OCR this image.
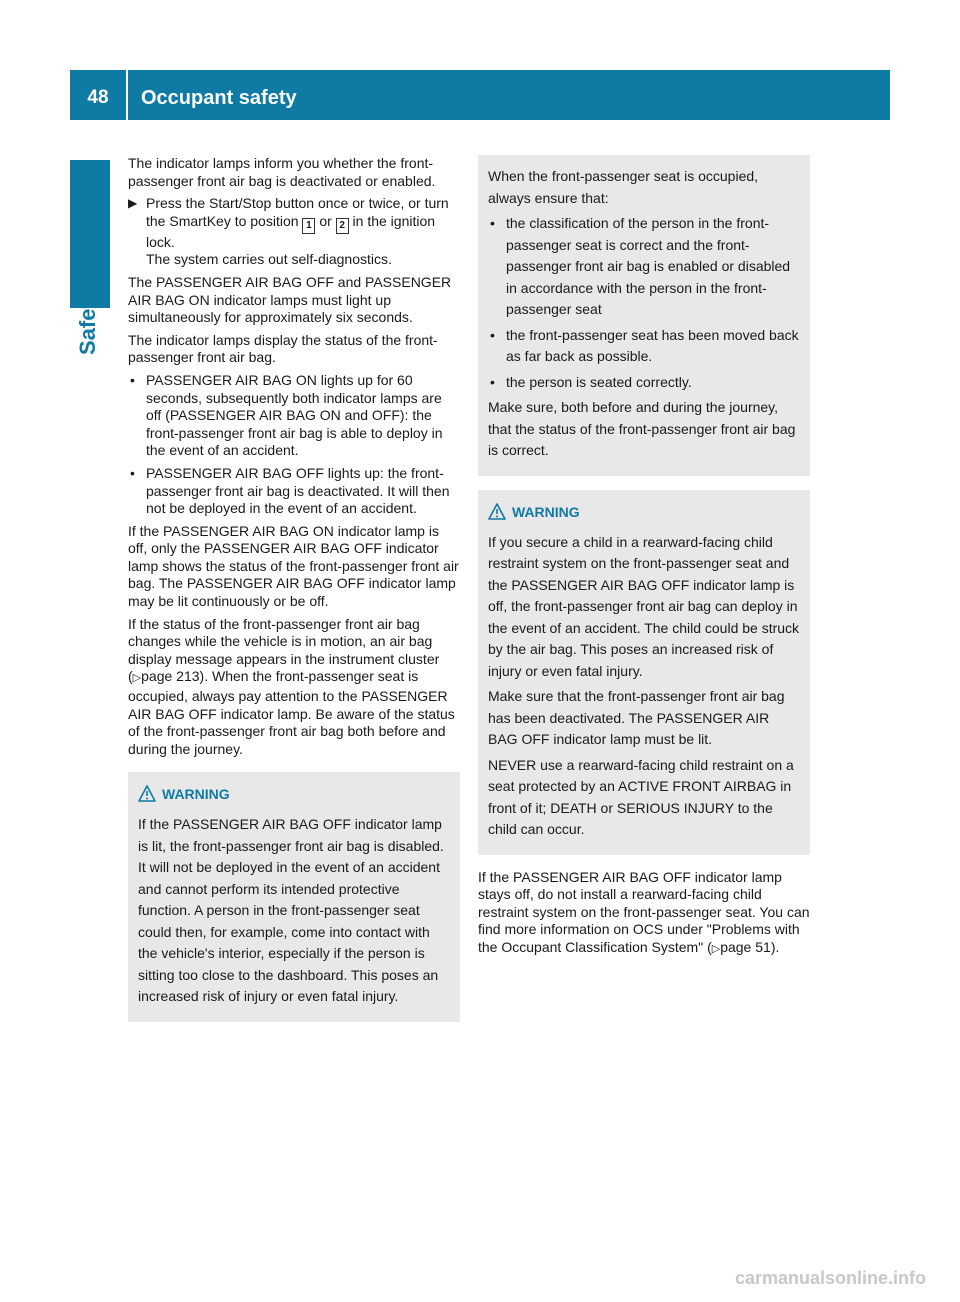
48	Occupant safety
Safety

The indicator lamps inform you whether the front-passenger front air bag is deactivated or enabled.

▶ Press the Start/Stop button once or twice, or turn the SmartKey to position 1 or 2 in the ignition lock.
The system carries out self-diagnostics.

The PASSENGER AIR BAG OFF and PASSENGER AIR BAG ON indicator lamps must light up simultaneously for approximately six seconds.

The indicator lamps display the status of the front-passenger front air bag.

• PASSENGER AIR BAG ON lights up for 60 seconds, subsequently both indicator lamps are off (PASSENGER AIR BAG ON and OFF): the front-passenger front air bag is able to deploy in the event of an accident.
• PASSENGER AIR BAG OFF lights up: the front-passenger front air bag is deactivated. It will then not be deployed in the event of an accident.

If the PASSENGER AIR BAG ON indicator lamp is off, only the PASSENGER AIR BAG OFF indicator lamp shows the status of the front-passenger front air bag. The PASSENGER AIR BAG OFF indicator lamp may be lit continuously or be off.

If the status of the front-passenger front air bag changes while the vehicle is in motion, an air bag display message appears in the instrument cluster (▷page 213). When the front-passenger seat is occupied, always pay attention to the PASSENGER AIR BAG OFF indicator lamp. Be aware of the status of the front-passenger front air bag both before and during the journey.

WARNING

If the PASSENGER AIR BAG OFF indicator lamp is lit, the front-passenger front air bag is disabled. It will not be deployed in the event of an accident and cannot perform its intended protective function. A person in the front-passenger seat could then, for example, come into contact with the vehicle's interior, especially if the person is sitting too close to the dashboard. This poses an increased risk of injury or even fatal injury.

When the front-passenger seat is occupied, always ensure that:

• the classification of the person in the front-passenger seat is correct and the front-passenger front air bag is enabled or disabled in accordance with the person in the front-passenger seat
• the front-passenger seat has been moved back as far back as possible.
• the person is seated correctly.

Make sure, both before and during the journey, that the status of the front-passenger front air bag is correct.

WARNING

If you secure a child in a rearward-facing child restraint system on the front-passenger seat and the PASSENGER AIR BAG OFF indicator lamp is off, the front-passenger front air bag can deploy in the event of an accident. The child could be struck by the air bag. This poses an increased risk of injury or even fatal injury.

Make sure that the front-passenger front air bag has been deactivated. The PASSENGER AIR BAG OFF indicator lamp must be lit.

NEVER use a rearward-facing child restraint on a seat protected by an ACTIVE FRONT AIRBAG in front of it; DEATH or SERIOUS INJURY to the child can occur.

If the PASSENGER AIR BAG OFF indicator lamp stays off, do not install a rearward-facing child restraint system on the front-passenger seat. You can find more information on OCS under "Problems with the Occupant Classification System" (▷page 51).

carmanualsonline.info
